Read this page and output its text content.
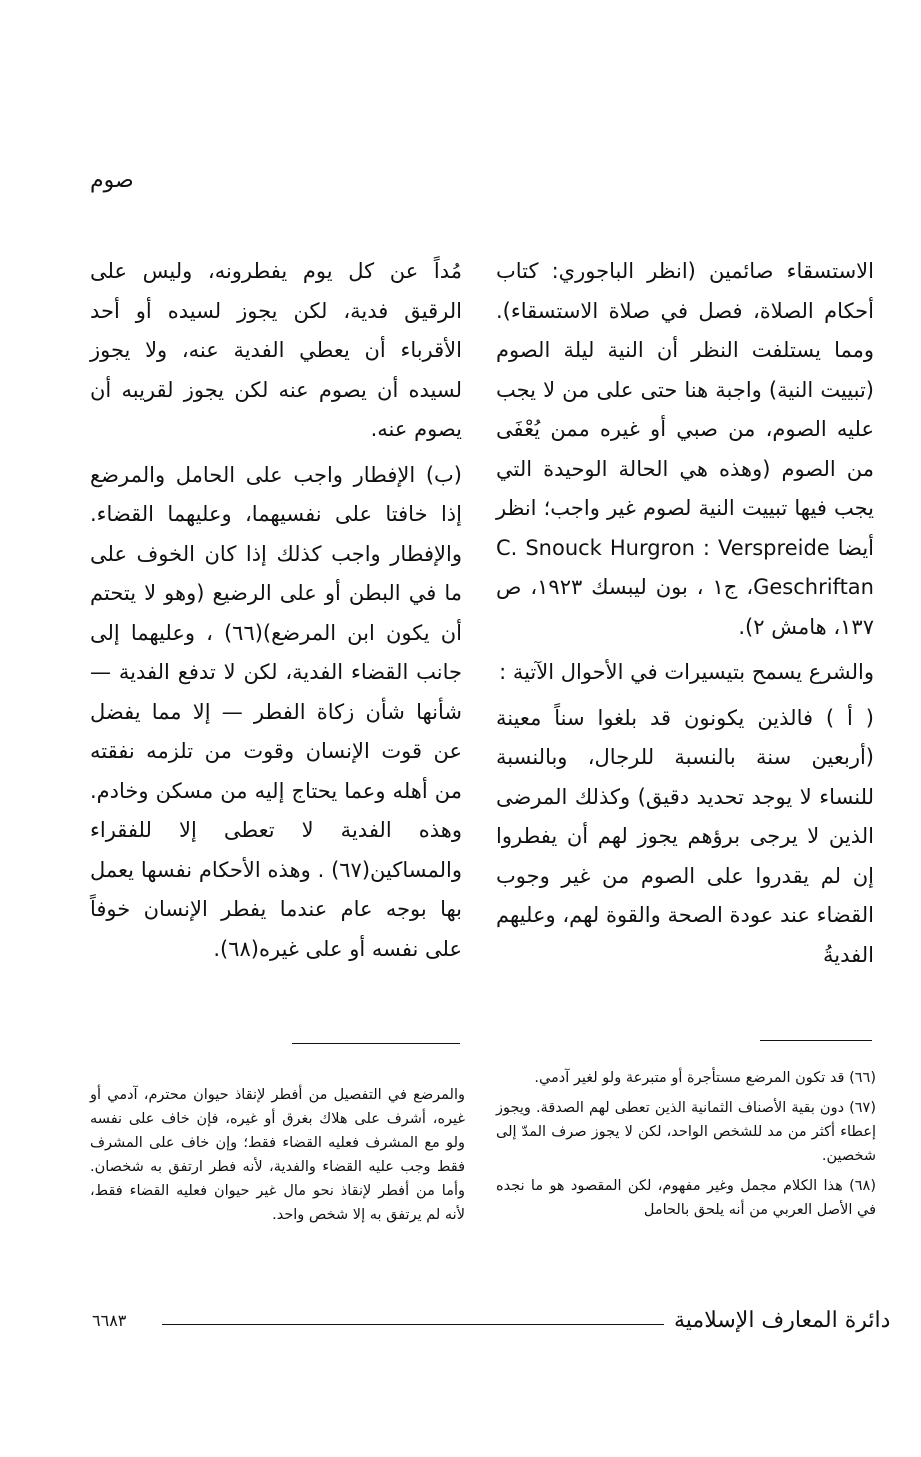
صوم

الاستسقاء صائمين (انظر الباجوري: كتاب أحكام الصلاة، فصل في صلاة الاستسقاء). ومما يستلفت النظر أن النية ليلة الصوم (تبييت النية) واجبة هنا حتى على من لا يجب عليه الصوم، من صبي أو غيره ممن يُعْفَى من الصوم (وهذه هي الحالة الوحيدة التي يجب فيها تبييت النية لصوم غير واجب؛ انظر أيضا C. Snouck Hurgron : Verspreide Geschriftan، ج١ ، بون ليبسك ١٩٢٣، ص ١٣٧، هامش ٢).

والشرع يسمح بتيسيرات في الأحوال الآتية :

( أ ) فالذين يكونون قد بلغوا سناً معينة (أربعين سنة بالنسبة للرجال، وبالنسبة للنساء لا يوجد تحديد دقيق) وكذلك المرضى الذين لا يرجى برؤهم يجوز لهم أن يفطروا إن لم يقدروا على الصوم من غير وجوب القضاء عند عودة الصحة والقوة لهم، وعليهم الفديةُ

مُداً عن كل يوم يفطرونه، وليس على الرقيق فدية، لكن يجوز لسيده أو أحد الأقرباء أن يعطي الفدية عنه، ولا يجوز لسيده أن يصوم عنه لكن يجوز لقريبه أن يصوم عنه.

(ب) الإفطار واجب على الحامل والمرضع إذا خافتا على نفسيهما، وعليهما القضاء. والإفطار واجب كذلك إذا كان الخوف على ما في البطن أو على الرضيع (وهو لا يتحتم أن يكون ابن المرضع)(٦٦) ، وعليهما إلى جانب القضاء الفدية، لكن لا تدفع الفدية — شأنها شأن زكاة الفطر — إلا مما يفضل عن قوت الإنسان وقوت من تلزمه نفقته من أهله وعما يحتاج إليه من مسكن وخادم. وهذه الفدية لا تعطى إلا للفقراء والمساكين(٦٧) . وهذه الأحكام نفسها يعمل بها بوجه عام عندما يفطر الإنسان خوفاً على نفسه أو على غيره(٦٨).

(٦٦) قد تكون المرضع مستأجرة أو متبرعة ولو لغير آدمي.

(٦٧) دون بقية الأصناف الثمانية الذين تعطى لهم الصدقة. ويجوز إعطاء أكثر من مد للشخص الواحد، لكن لا يجوز صرف المدّ إلى شخصين.

(٦٨) هذا الكلام مجمل وغير مفهوم، لكن المقصود هو ما نجده في الأصل العربي من أنه يلحق بالحامل

والمرضع في التفصيل من أفطر لإنقاذ حيوان محترم، آدمي أو غيره، أشرف على هلاك بغرق أو غيره، فإن خاف على نفسه ولو مع المشرف فعليه القضاء فقط؛ وإن خاف على المشرف فقط وجب عليه القضاء والفدية، لأنه فطر ارتفق به شخصان. وأما من أفطر لإنقاذ نحو مال غير حيوان فعليه القضاء فقط، لأنه لم يرتفق به إلا شخص واحد.

دائرة المعارف الإسلامية
٦٦٨٣
